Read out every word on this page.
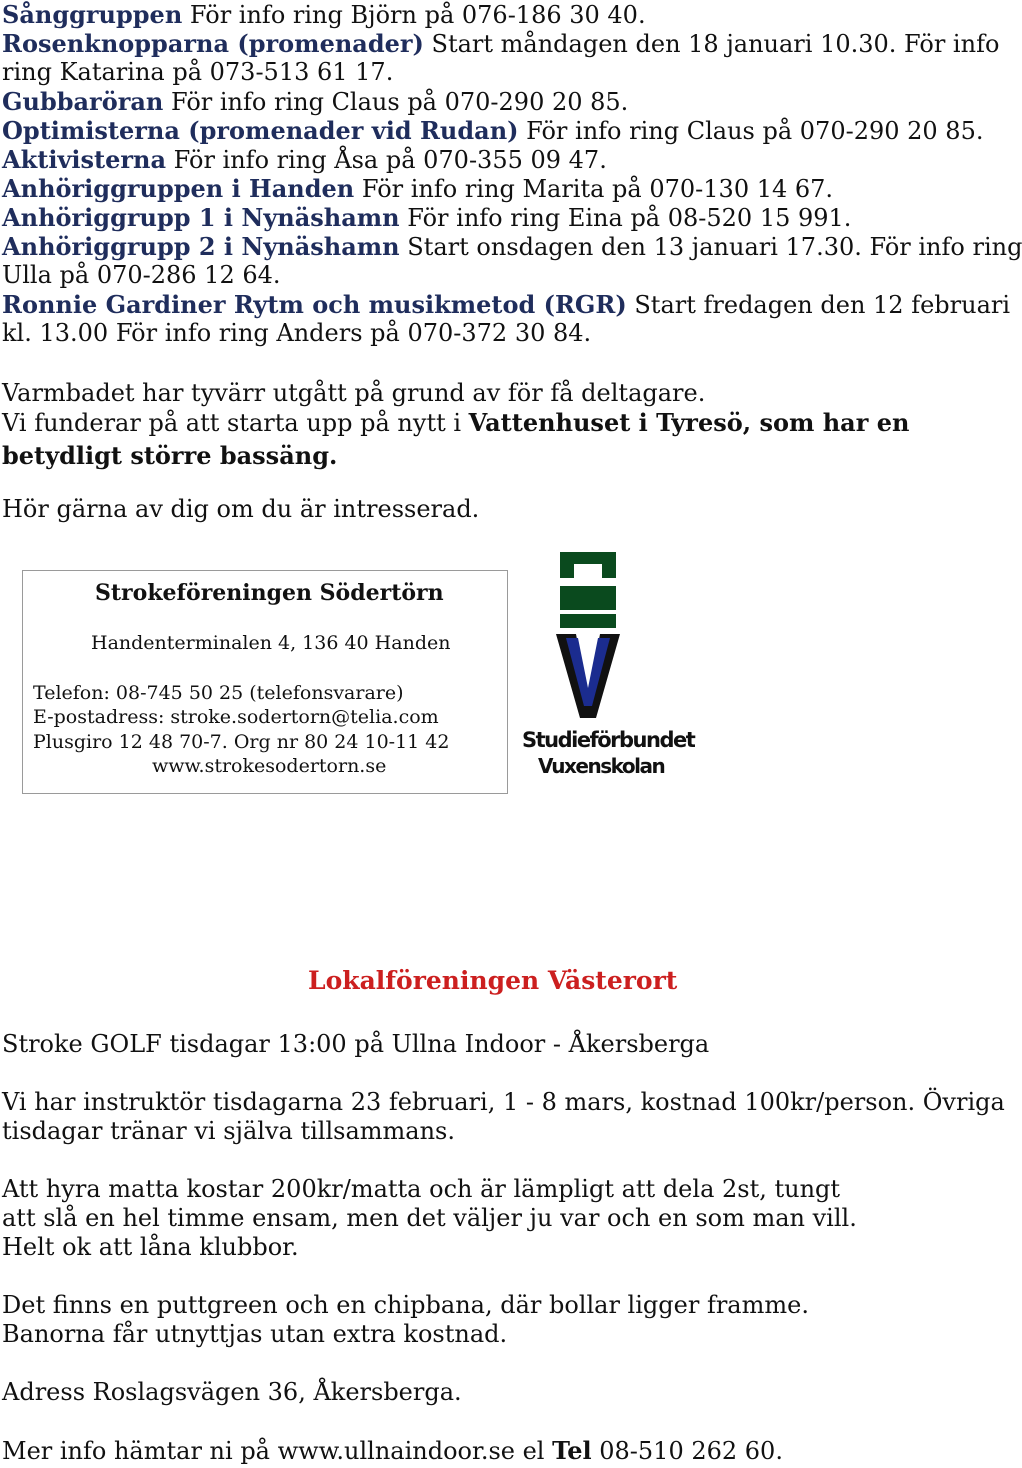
Sånggruppen För info ring Björn på 076-186 30 40.
Rosenknopparna (promenader) Start måndagen den 18 januari 10.30. För info
ring Katarina på 073-513 61 17.
Gubbaröran För info ring Claus på 070-290 20 85.
Optimisterna (promenader vid Rudan) För info ring Claus på 070-290 20 85.
Aktivisterna För info ring Åsa på 070-355 09 47.
Anhöriggruppen i Handen För info ring Marita på 070-130 14 67.
Anhöriggrupp 1 i Nynäshamn För info ring Eina på 08-520 15 991.
Anhöriggrupp 2 i Nynäshamn Start onsdagen den 13 januari 17.30. För info ring
Ulla på 070-286 12 64.
Ronnie Gardiner Rytm och musikmetod (RGR) Start fredagen den 12 februari
kl. 13.00 För info ring Anders på 070-372 30 84.
Varmbadet har tyvärr utgått på grund av för få deltagare.
Vi funderar på att starta upp på nytt i Vattenhuset i Tyresö, som har en
betydligt större bassäng.
Hör gärna av dig om du är intresserad.
Strokeföreningen Södertörn
Handenterminalen 4, 136 40 Handen
Telefon: 08-745 50 25 (telefonsvarare)
E-postadress: stroke.sodertorn@telia.com
Plusgiro 12 48 70-7. Org nr 80 24 10-11 42
www.strokesodertorn.se
Studieförbundet
Vuxenskolan
Lokalföreningen Västerort
Stroke GOLF tisdagar 13:00 på Ullna Indoor - Åkersberga
Vi har instruktör tisdagarna 23 februari, 1 - 8 mars, kostnad 100kr/person. Övriga
tisdagar tränar vi själva tillsammans.
Att hyra matta kostar 200kr/matta och är lämpligt att dela 2st, tungt
att slå en hel timme ensam, men det väljer ju var och en som man vill.
Helt ok att låna klubbor.
Det finns en puttgreen och en chipbana, där bollar ligger framme.
Banorna får utnyttjas utan extra kostnad.
Adress Roslagsvägen 36, Åkersberga.
Mer info hämtar ni på www.ullnaindoor.se el Tel 08-510 262 60.
